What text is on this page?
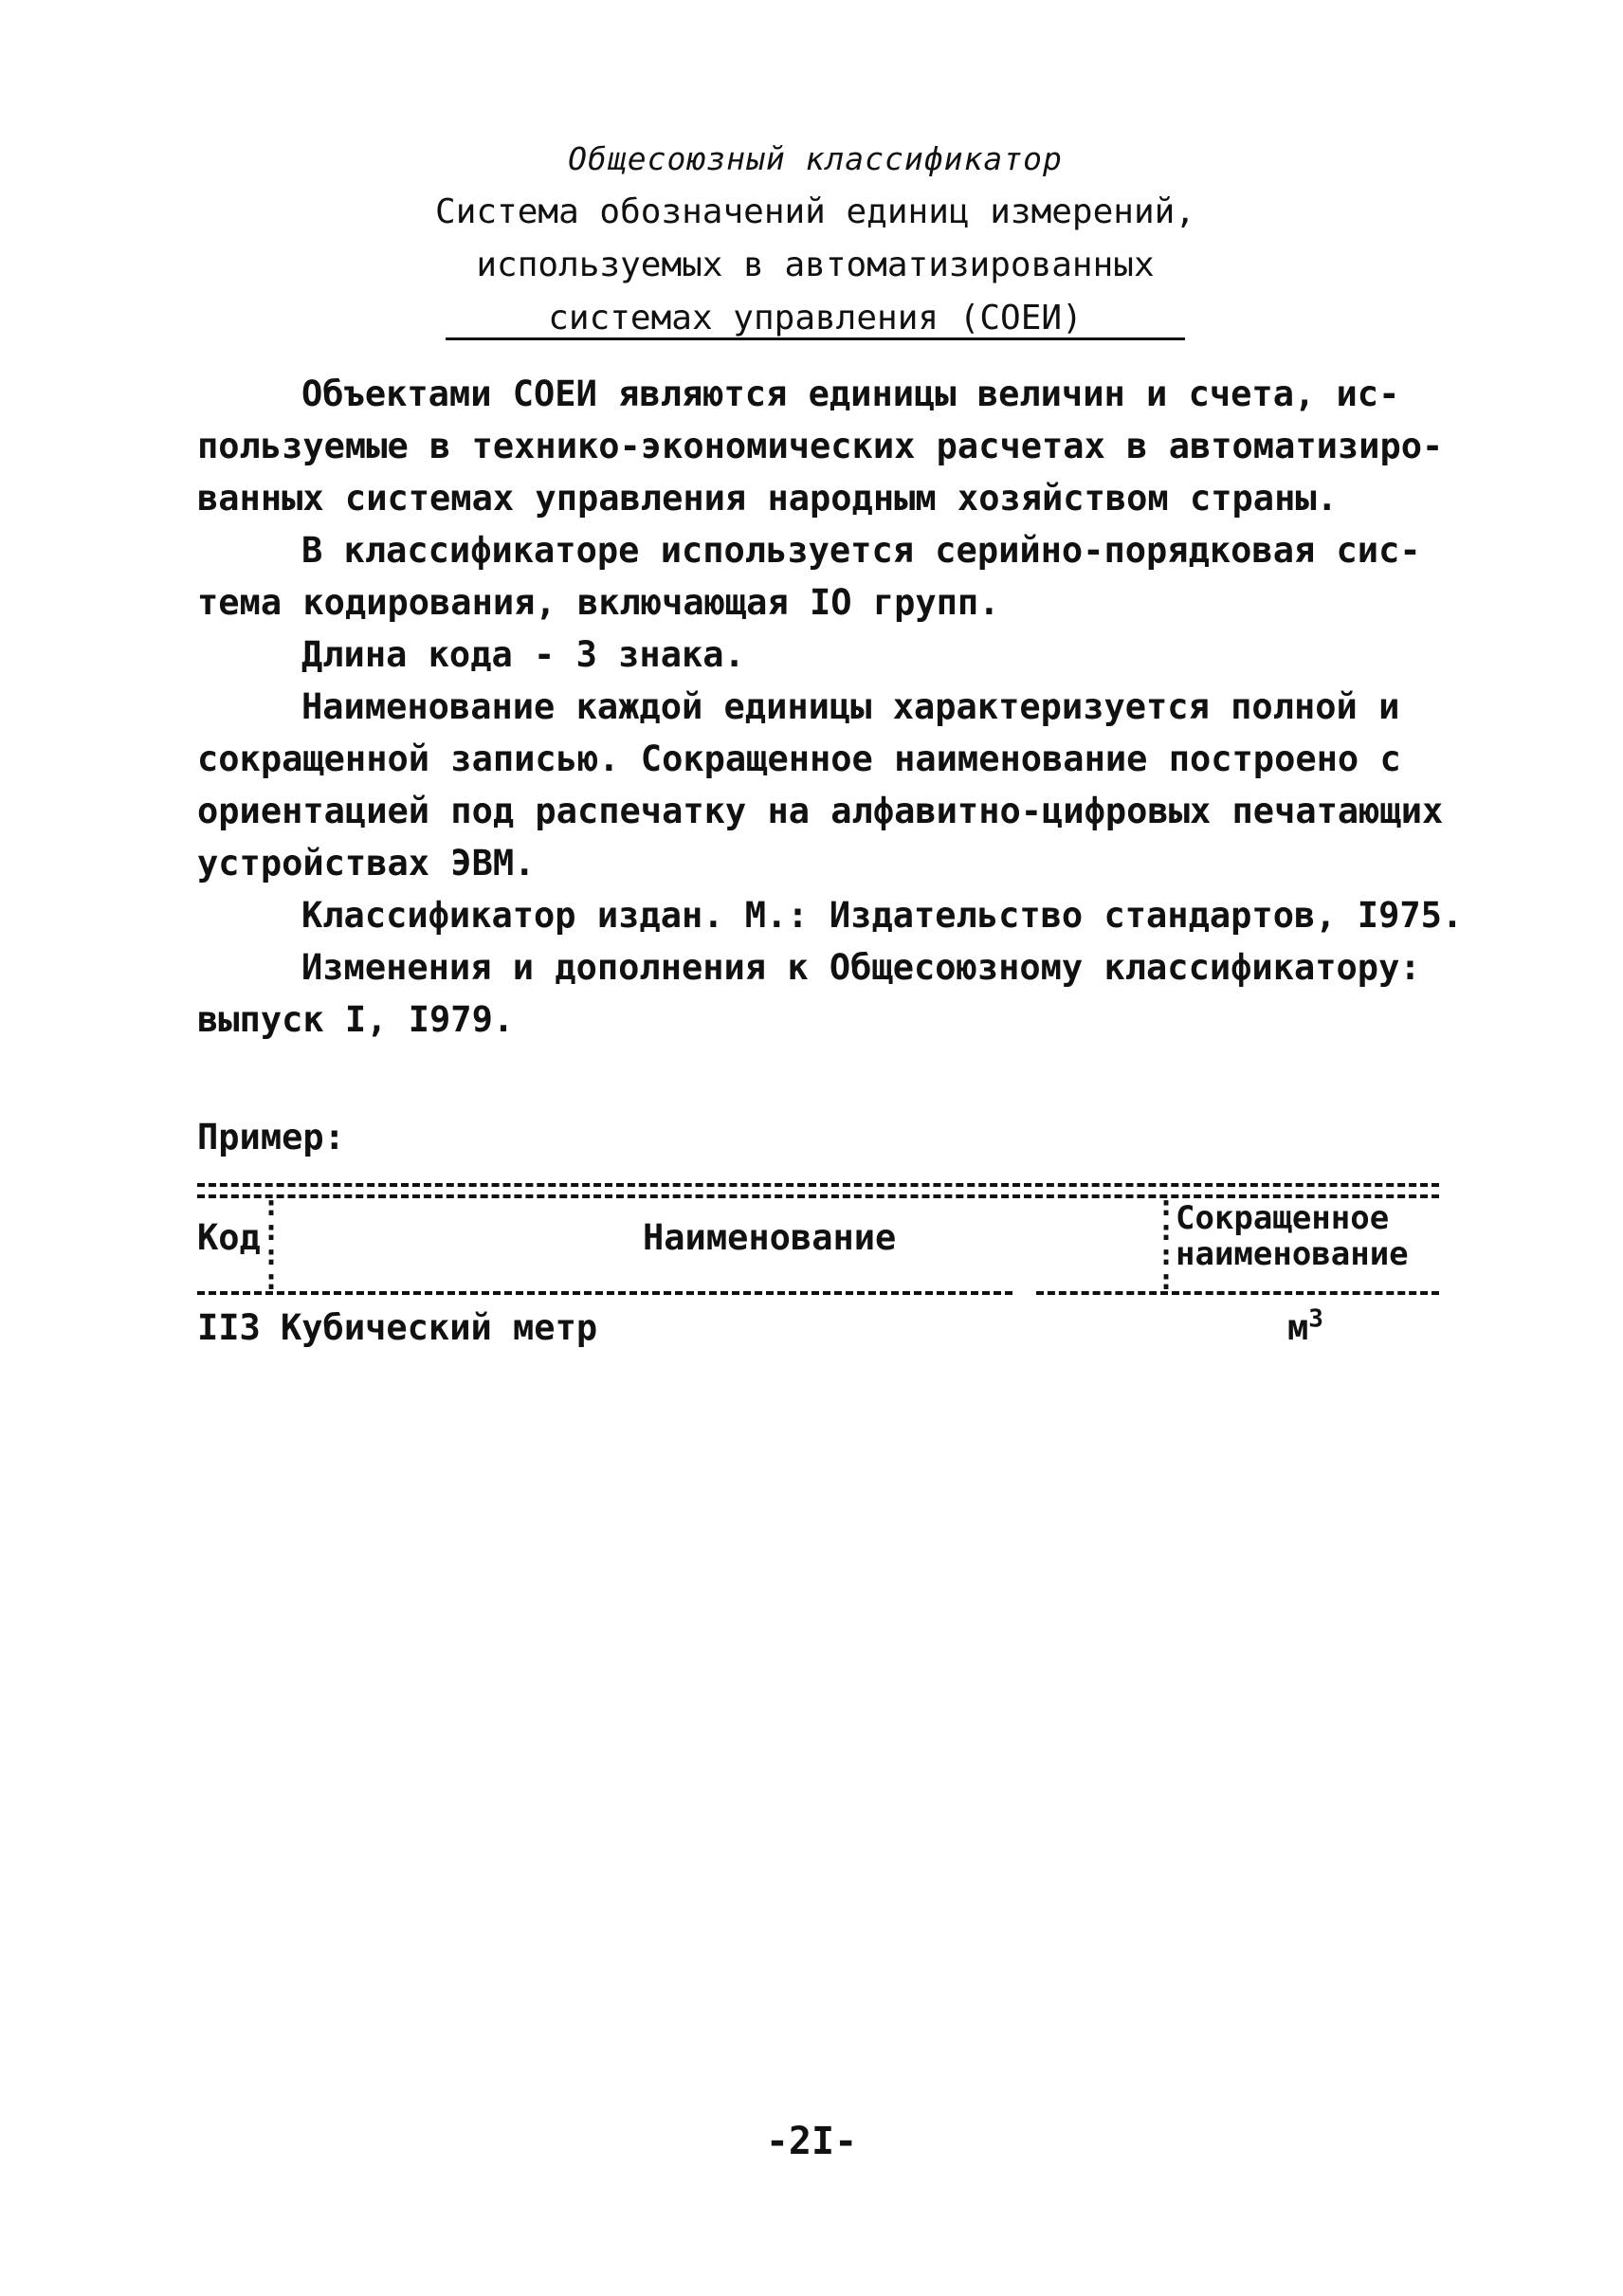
Общесоюзный классификатор
Система обозначений единиц измерений,
используемых в автоматизированных
системах управления (СОЕИ)
Объектами СОЕИ являются единицы величин и счета, ис-
пользуемые в технико-экономических расчетах в автоматизиро-
ванных системах управления народным хозяйством страны.
В классификаторе используется серийно-порядковая сис-
тема кодирования, включающая IO групп.
Длина кода - 3 знака.
Наименование каждой единицы характеризуется полной и
сокращенной записью. Сокращенное наименование построено с
ориентацией под распечатку на алфавитно-цифровых печатающих
устройствах ЭВМ.
Классификатор издан. М.: Издательство стандартов, I975.
Изменения и дополнения к Общесоюзному классификатору:
выпуск I, I979.
Пример:
:
:
:
:
:
:
:
:
Код	Наименование	Сокращенное
наименование
II3 Кубический метр	$м^3$
-2I-
